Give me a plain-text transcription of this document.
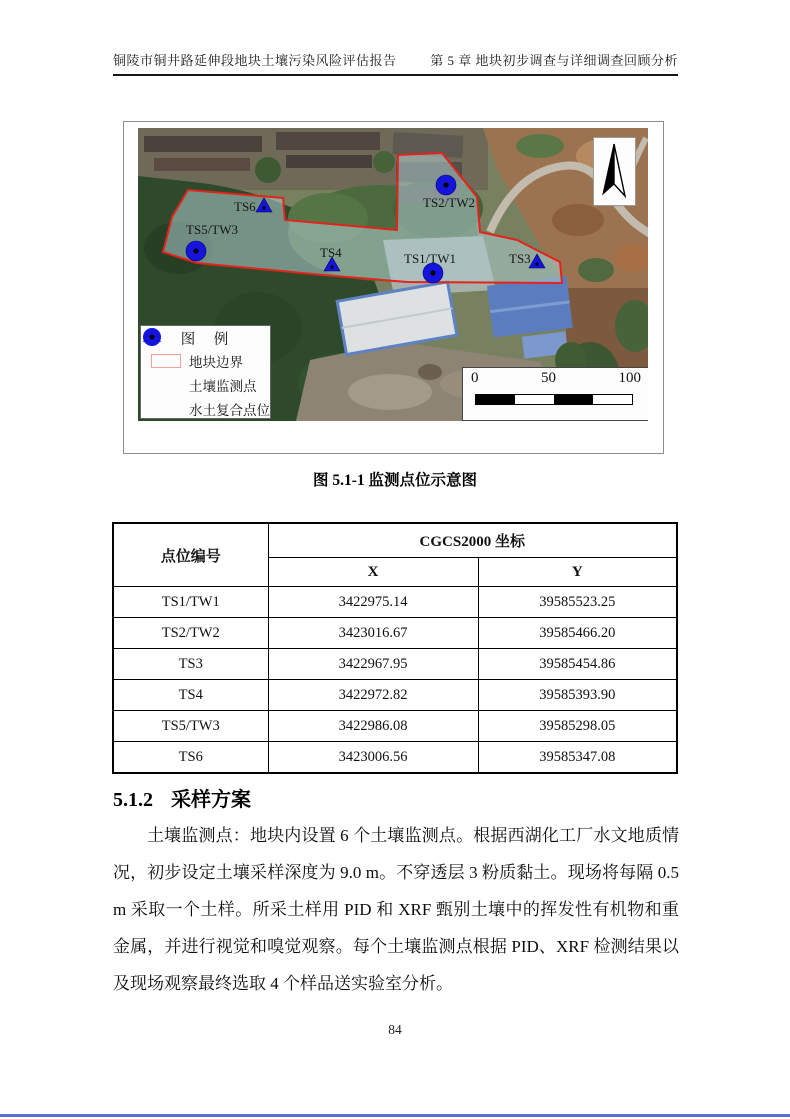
铜陵市铜井路延伸段地块土壤污染风险评估报告	第 5 章 地块初步调查与详细调查回顾分析
TS1/TW1
TS2/TW2
TS3
TS4
TS5/TW3
TS6
图　例
地块边界
土壤监测点
水土复合点位
0	50	100
图 5.1-1 监测点位示意图
点位编号	CGCS2000 坐标	
	X	Y
TS1/TW1	3422975.14	39585523.25
TS2/TW2	3423016.67	39585466.20
TS3	3422967.95	39585454.86
TS4	3422972.82	39585393.90
TS5/TW3	3422986.08	39585298.05
TS6	3423006.56	39585347.08
5.1.2 采样方案

土壤监测点：地块内设置 6 个土壤监测点。根据西湖化工厂水文地质情况，初步设定土壤采样深度为 9.0 m。不穿透层 3 粉质黏土。现场将每隔 0.5 m 采取一个土样。所采土样用 PID 和 XRF 甄别土壤中的挥发性有机物和重金属，并进行视觉和嗅觉观察。每个土壤监测点根据 PID、XRF 检测结果以及现场观察最终选取 4 个样品送实验室分析。

84
